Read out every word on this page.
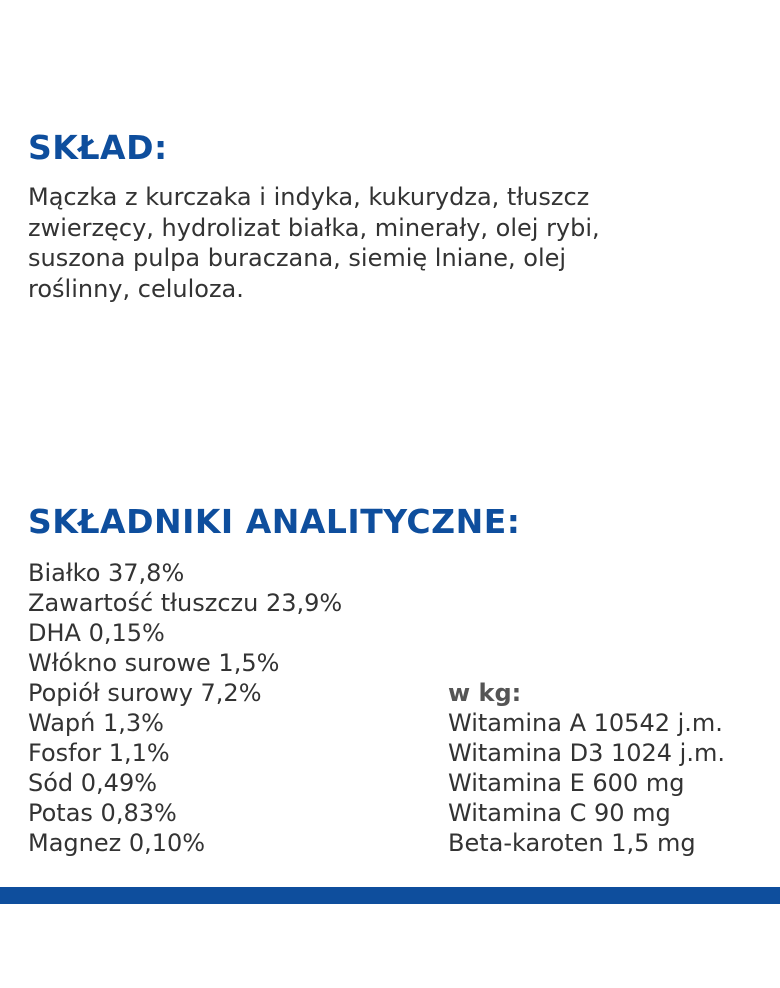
SKŁAD:

Mączka z kurczaka i indyka, kukurydza, tłuszcz
zwierzęcy, hydrolizat białka, minerały, olej rybi,
suszona pulpa buraczana, siemię lniane, olej
roślinny, celuloza.

SKŁADNIKI ANALITYCZNE:
Białko 37,8%
Zawartość tłuszczu 23,9%
DHA 0,15%
Włókno surowe 1,5%
Popiół surowy 7,2%
Wapń 1,3%
Fosfor 1,1%
Sód 0,49%
Potas 0,83%
Magnez 0,10%
w kg:
Witamina A 10542 j.m.
Witamina D3 1024 j.m.
Witamina E 600 mg
Witamina C 90 mg
Beta-karoten 1,5 mg
